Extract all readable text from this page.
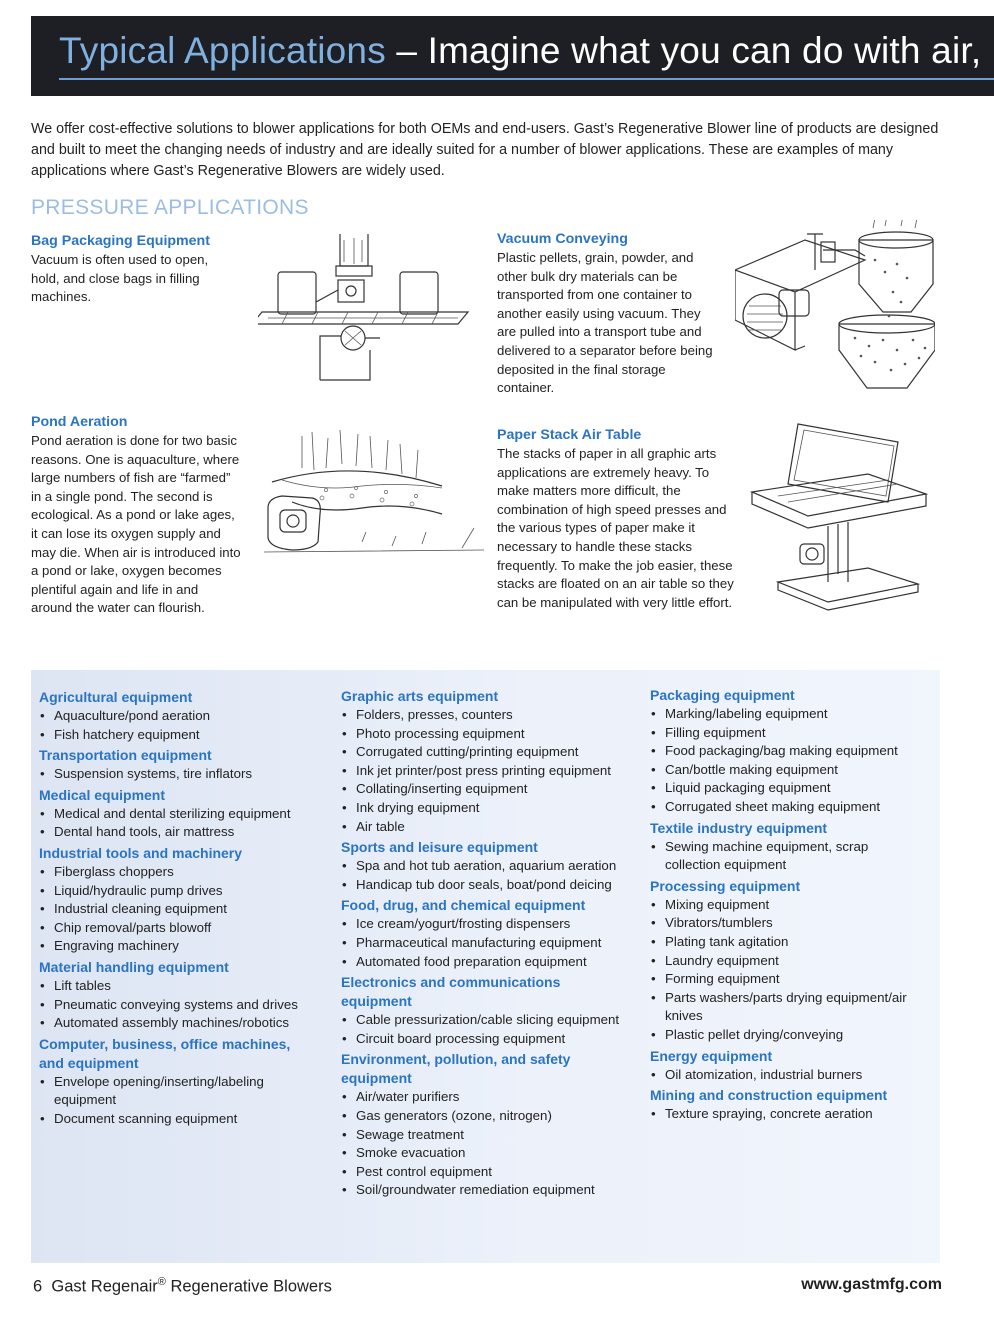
Typical Applications – Imagine what you can do with air,

We offer cost-effective solutions to blower applications for both OEMs and end-users. Gast’s Regenerative Blower line of products are designed and built to meet the changing needs of industry and are ideally suited for a number of blower applications. These are examples of many applications where Gast’s Regenerative Blowers are widely used.

PRESSURE APPLICATIONS
Bag Packaging Equipment

Vacuum is often used to open, hold, and close bags in filling machines.

Vacuum Conveying

Plastic pellets, grain, powder, and other bulk dry materials can be transported from one container to another easily using vacuum. They are pulled into a transport tube and delivered to a separator before being deposited in the final storage container.

Pond Aeration

Pond aeration is done for two basic reasons. One is aquaculture, where large numbers of fish are “farmed” in a single pond. The second is ecological. As a pond or lake ages, it can lose its oxygen supply and may die. When air is introduced into a pond or lake, oxygen becomes plentiful again and life in and around the water can flourish.

Paper Stack Air Table

The stacks of paper in all graphic arts applications are extremely heavy. To make matters more difficult, the combination of high speed presses and the various types of paper make it necessary to handle these stacks frequently. To make the job easier, these stacks are floated on an air table so they can be manipulated with very little effort.

Agricultural equipment
• Aquaculture/pond aeration
• Fish hatchery equipment
Transportation equipment
• Suspension systems, tire inflators
Medical equipment
• Medical and dental sterilizing equipment
• Dental hand tools, air mattress
Industrial tools and machinery
• Fiberglass choppers
• Liquid/hydraulic pump drives
• Industrial cleaning equipment
• Chip removal/parts blowoff
• Engraving machinery
Material handling equipment
• Lift tables
• Pneumatic conveying systems and drives
• Automated assembly machines/robotics
Computer, business, office machines, and equipment
• Envelope opening/inserting/labeling equipment
• Document scanning equipment
Graphic arts equipment
• Folders, presses, counters
• Photo processing equipment
• Corrugated cutting/printing equipment
• Ink jet printer/post press printing equipment
• Collating/inserting equipment
• Ink drying equipment
• Air table
Sports and leisure equipment
• Spa and hot tub aeration, aquarium aeration
• Handicap tub door seals, boat/pond deicing
Food, drug, and chemical equipment
• Ice cream/yogurt/frosting dispensers
• Pharmaceutical manufacturing equipment
• Automated food preparation equipment
Electronics and communications equipment
• Cable pressurization/cable slicing equipment
• Circuit board processing equipment
Environment, pollution, and safety equipment
• Air/water purifiers
• Gas generators (ozone, nitrogen)
• Sewage treatment
• Smoke evacuation
• Pest control equipment
• Soil/groundwater remediation equipment
Packaging equipment
• Marking/labeling equipment
• Filling equipment
• Food packaging/bag making equipment
• Can/bottle making equipment
• Liquid packaging equipment
• Corrugated sheet making equipment
Textile industry equipment
• Sewing machine equipment, scrap collection equipment
Processing equipment
• Mixing equipment
• Vibrators/tumblers
• Plating tank agitation
• Laundry equipment
• Forming equipment
• Parts washers/parts drying equipment/air knives
• Plastic pellet drying/conveying
Energy equipment
• Oil atomization, industrial burners
Mining and construction equipment
• Texture spraying, concrete aeration
6 Gast Regenair® Regenerative Blowers	www.gastmfg.com
